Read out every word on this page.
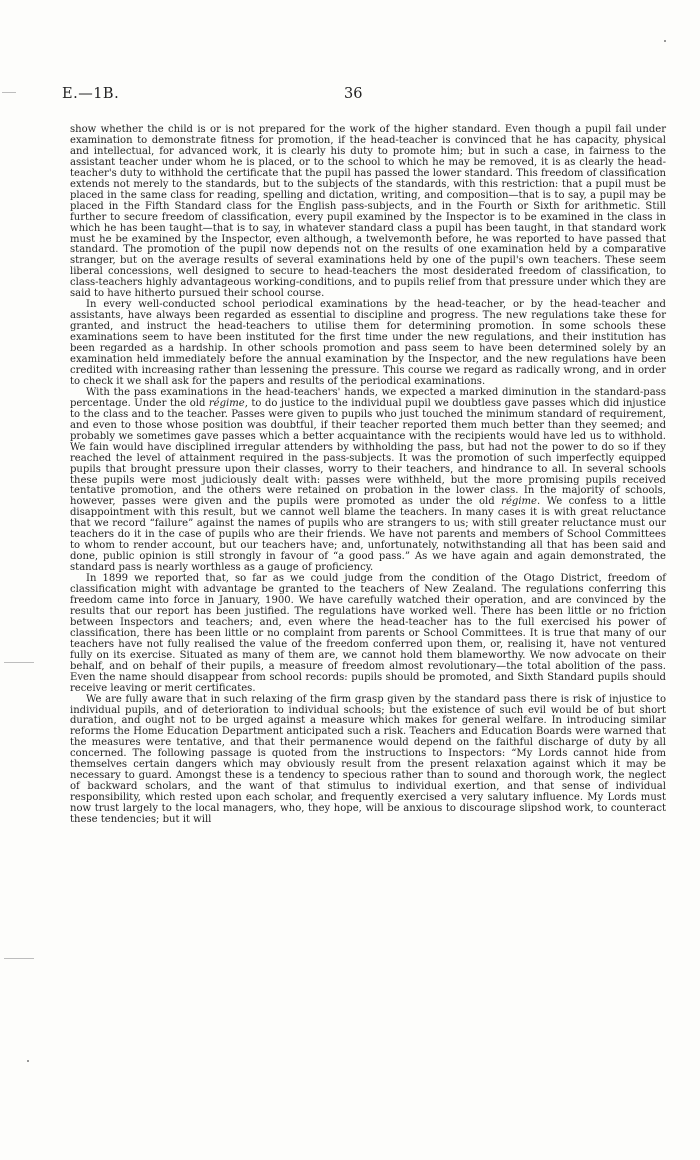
E.—1B.	36

show whether the child is or is not prepared for the work of the higher standard. Even though a pupil fail under examination to demonstrate fitness for promotion, if the head-teacher is convinced that he has capacity, physical and intellectual, for advanced work, it is clearly his duty to promote him; but in such a case, in fairness to the assistant teacher under whom he is placed, or to the school to which he may be removed, it is as clearly the head-teacher's duty to withhold the certificate that the pupil has passed the lower standard. This freedom of classification extends not merely to the standards, but to the subjects of the standards, with this restriction: that a pupil must be placed in the same class for reading, spelling and dictation, writing, and composition—that is to say, a pupil may be placed in the Fifth Standard class for the English pass-subjects, and in the Fourth or Sixth for arithmetic. Still further to secure freedom of classification, every pupil examined by the Inspector is to be examined in the class in which he has been taught—that is to say, in whatever standard class a pupil has been taught, in that standard work must he be examined by the Inspector, even although, a twelvemonth before, he was reported to have passed that standard. The promotion of the pupil now depends not on the results of one examination held by a comparative stranger, but on the average results of several examinations held by one of the pupil's own teachers. These seem liberal concessions, well designed to secure to head-teachers the most desiderated freedom of classification, to class-teachers highly advantageous working-conditions, and to pupils relief from that pressure under which they are said to have hitherto pursued their school course.

In every well-conducted school periodical examinations by the head-teacher, or by the head-teacher and assistants, have always been regarded as essential to discipline and progress. The new regulations take these for granted, and instruct the head-teachers to utilise them for determining promotion. In some schools these examinations seem to have been instituted for the first time under the new regulations, and their institution has been regarded as a hardship. In other schools promotion and pass seem to have been determined solely by an examination held immediately before the annual examination by the Inspector, and the new regulations have been credited with increasing rather than lessening the pressure. This course we regard as radically wrong, and in order to check it we shall ask for the papers and results of the periodical examinations.

With the pass examinations in the head-teachers' hands, we expected a marked diminution in the standard-pass percentage. Under the old régime, to do justice to the individual pupil we doubtless gave passes which did injustice to the class and to the teacher. Passes were given to pupils who just touched the minimum standard of requirement, and even to those whose position was doubtful, if their teacher reported them much better than they seemed; and probably we sometimes gave passes which a better acquaintance with the recipients would have led us to withhold. We fain would have disciplined irregular attenders by withholding the pass, but had not the power to do so if they reached the level of attainment required in the pass-subjects. It was the promotion of such imperfectly equipped pupils that brought pressure upon their classes, worry to their teachers, and hindrance to all. In several schools these pupils were most judiciously dealt with: passes were withheld, but the more promising pupils received tentative promotion, and the others were retained on probation in the lower class. In the majority of schools, however, passes were given and the pupils were promoted as under the old régime. We confess to a little disappointment with this result, but we cannot well blame the teachers. In many cases it is with great reluctance that we record “failure” against the names of pupils who are strangers to us; with still greater reluctance must our teachers do it in the case of pupils who are their friends. We have not parents and members of School Committees to whom to render account, but our teachers have; and, unfortunately, notwithstanding all that has been said and done, public opinion is still strongly in favour of “a good pass.” As we have again and again demonstrated, the standard pass is nearly worthless as a gauge of proficiency.

In 1899 we reported that, so far as we could judge from the condition of the Otago District, freedom of classification might with advantage be granted to the teachers of New Zealand. The regulations conferring this freedom came into force in January, 1900. We have carefully watched their operation, and are convinced by the results that our report has been justified. The regulations have worked well. There has been little or no friction between Inspectors and teachers; and, even where the head-teacher has to the full exercised his power of classification, there has been little or no complaint from parents or School Committees. It is true that many of our teachers have not fully realised the value of the freedom conferred upon them, or, realising it, have not ventured fully on its exercise. Situated as many of them are, we cannot hold them blameworthy. We now advocate on their behalf, and on behalf of their pupils, a measure of freedom almost revolutionary—the total abolition of the pass. Even the name should disappear from school records: pupils should be promoted, and Sixth Standard pupils should receive leaving or merit certificates.

We are fully aware that in such relaxing of the firm grasp given by the standard pass there is risk of injustice to individual pupils, and of deterioration to individual schools; but the existence of such evil would be of but short duration, and ought not to be urged against a measure which makes for general welfare. In introducing similar reforms the Home Education Department anticipated such a risk. Teachers and Education Boards were warned that the measures were tentative, and that their permanence would depend on the faithful discharge of duty by all concerned. The following passage is quoted from the instructions to Inspectors: “My Lords cannot hide from themselves certain dangers which may obviously result from the present relaxation against which it may be necessary to guard. Amongst these is a tendency to specious rather than to sound and thorough work, the neglect of backward scholars, and the want of that stimulus to individual exertion, and that sense of individual responsibility, which rested upon each scholar, and frequently exercised a very salutary influence. My Lords must now trust largely to the local managers, who, they hope, will be anxious to discourage slipshod work, to counteract these tendencies; but it will
